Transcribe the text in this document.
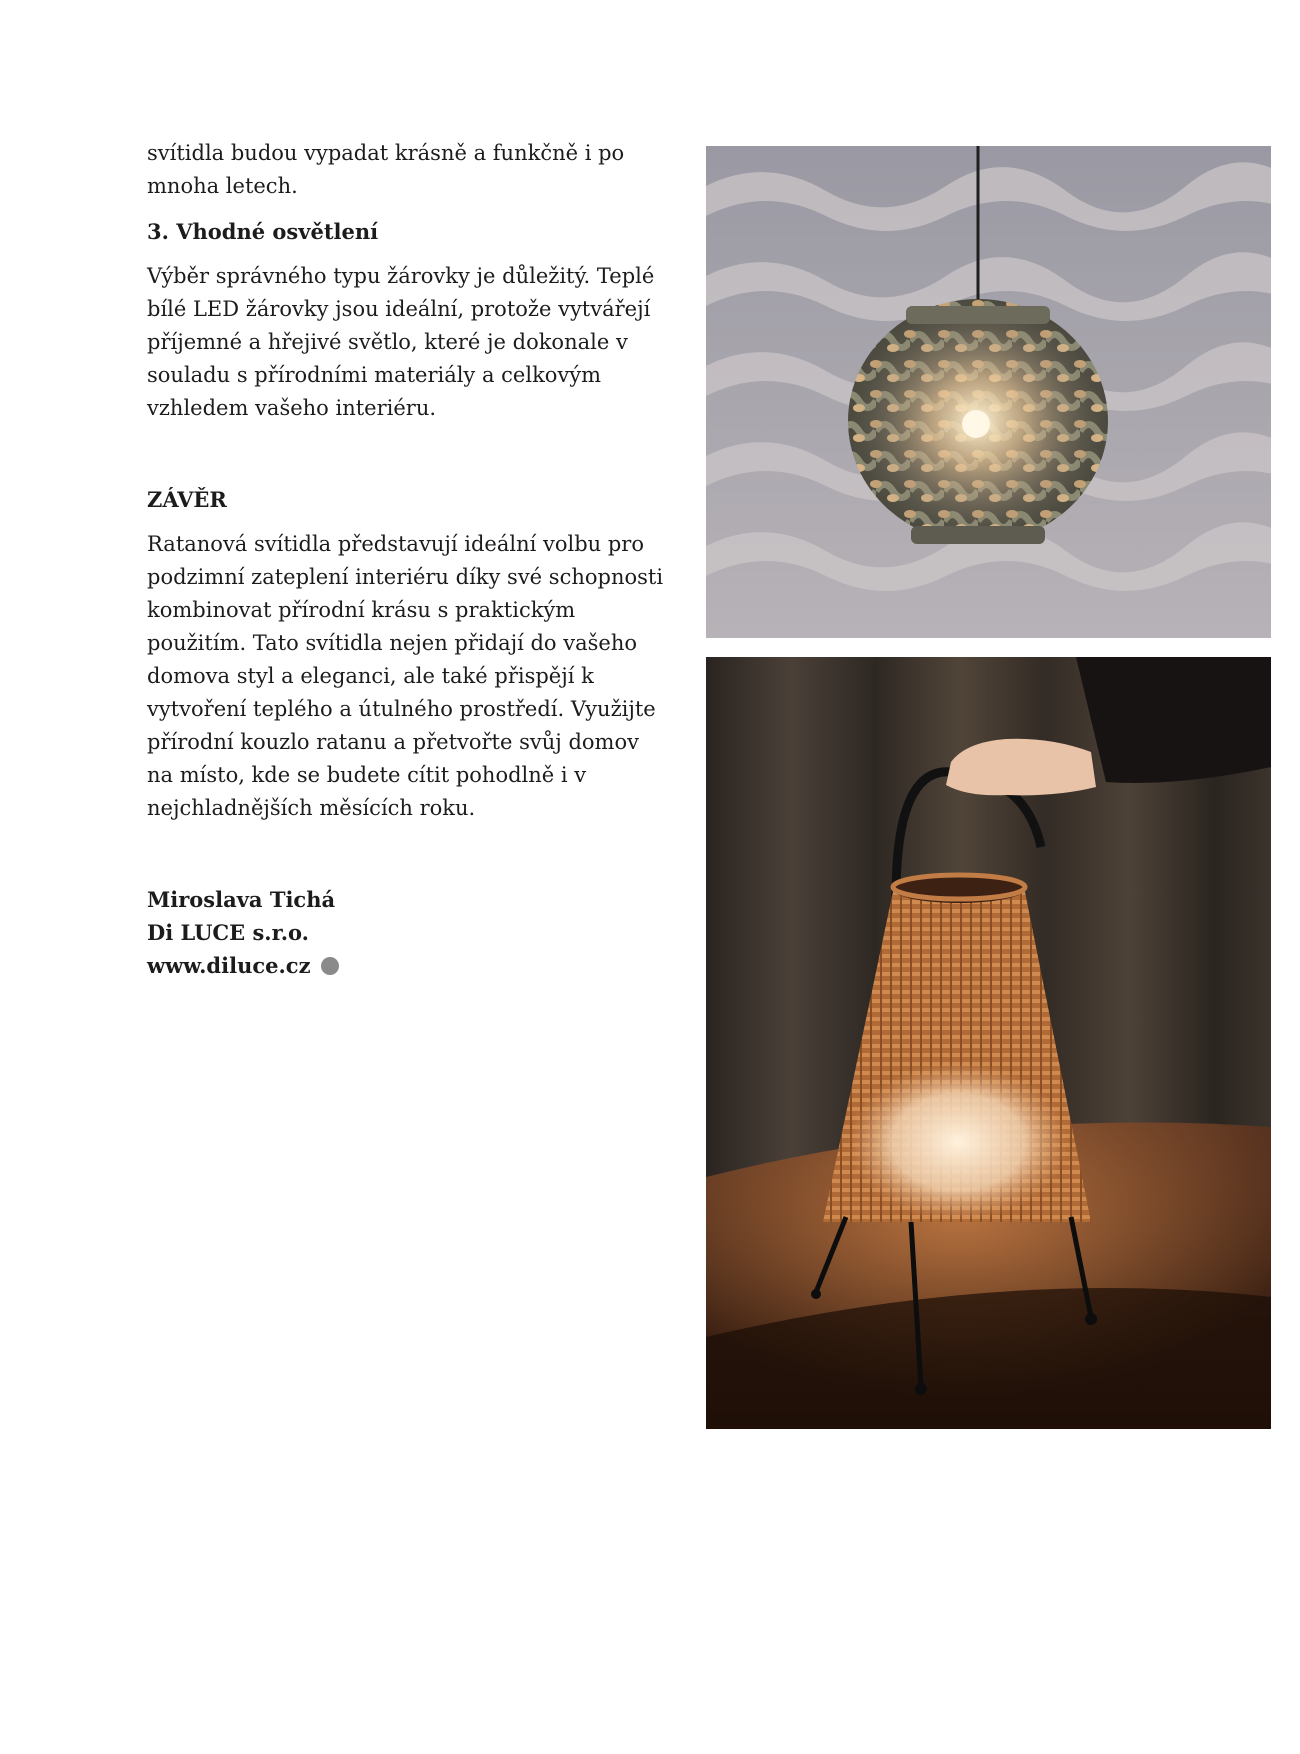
svítidla budou vypadat krásně a funkčně i po mnoha letech.

3. Vhodné osvětlení

Výběr správného typu žárovky je důležitý. Teplé bílé LED žárovky jsou ideální, protože vytvářejí příjemné a hřejivé světlo, které je dokonale v souladu s přírodními materiály a celkovým vzhledem vašeho interiéru.

ZÁVĚR

Ratanová svítidla představují ideální volbu pro podzimní zateplení interiéru díky své schopnosti kombinovat přírodní krásu s praktickým použitím. Tato svítidla nejen přidají do vašeho domova styl a eleganci, ale také přispějí k vytvoření teplého a útulného prostředí. Využijte přírodní kouzlo ratanu a přetvořte svůj domov na místo, kde se budete cítit pohodlně i v nejchladnějších měsících roku.

Miroslava Tichá
Di LUCE s.r.o.
www.diluce.cz
